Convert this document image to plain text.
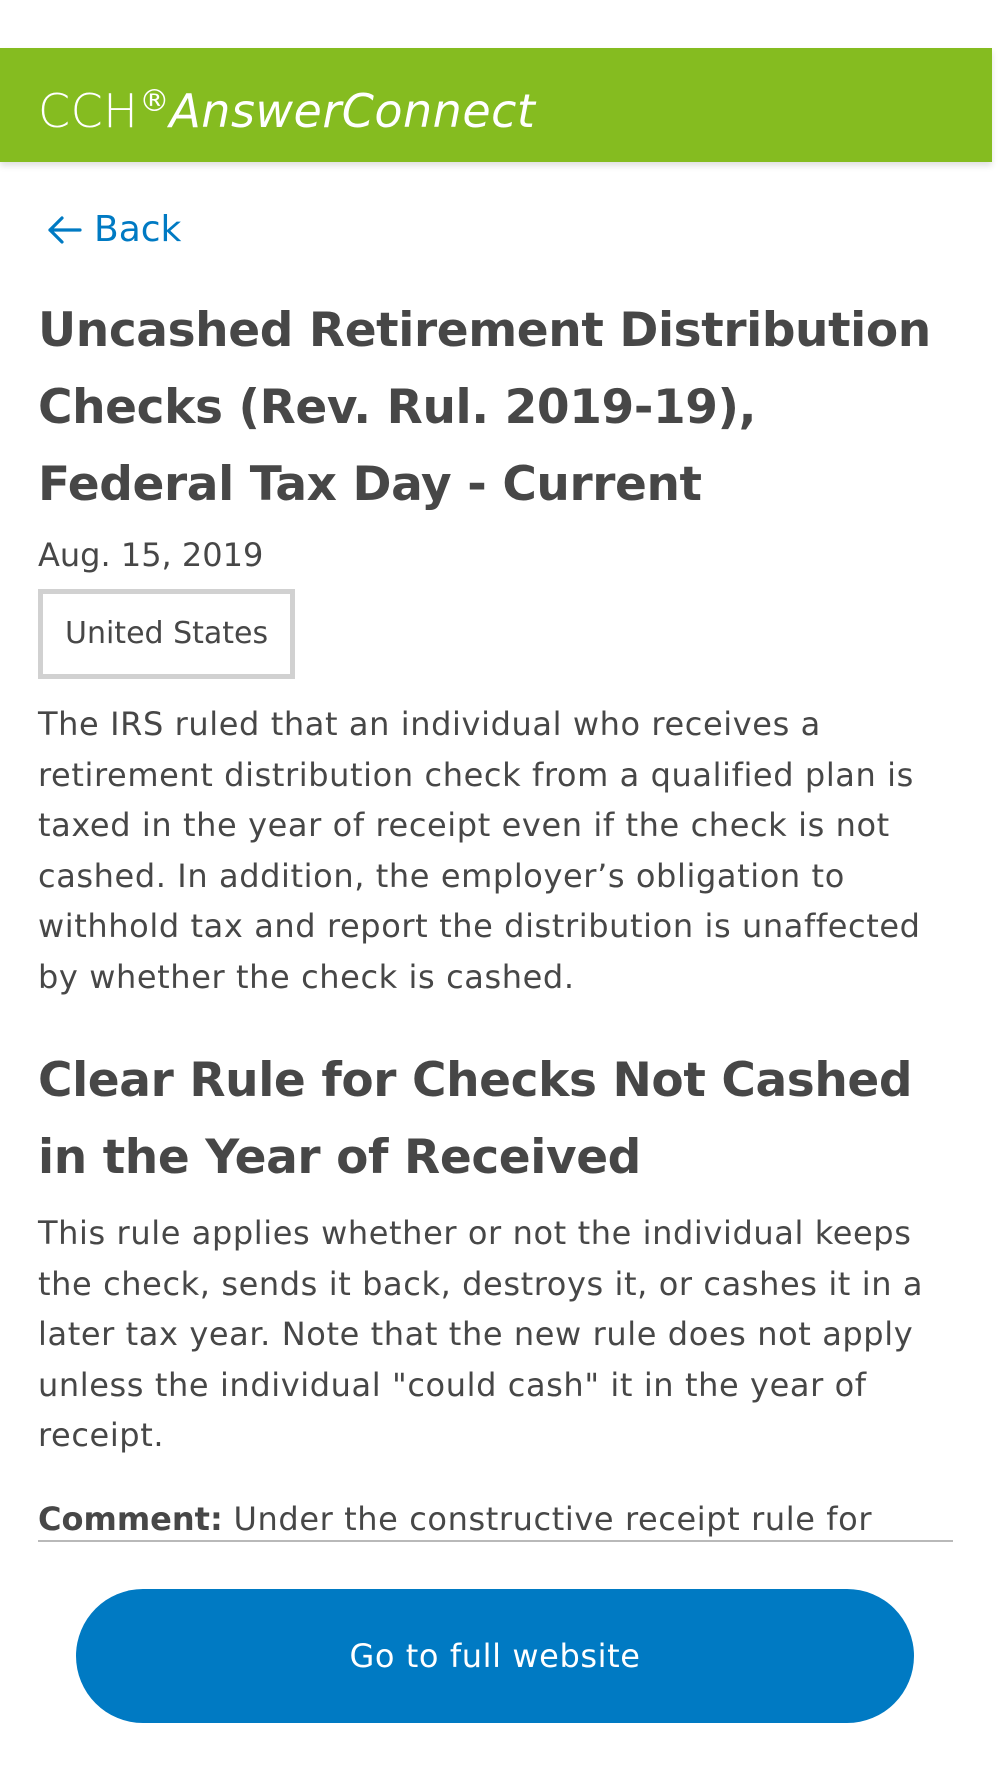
CCH®AnswerConnect
Back
Uncashed Retirement Distribution Checks (Rev. Rul. 2019-19), Federal Tax Day - Current
Aug. 15, 2019
United States

The IRS ruled that an individual who receives a retirement distribution check from a qualified plan is taxed in the year of receipt even if the check is not cashed. In addition, the employer’s obligation to withhold tax and report the distribution is unaffected by whether the check is cashed.

Clear Rule for Checks Not Cashed in the Year of Received

This rule applies whether or not the individual keeps the check, sends it back, destroys it, or cashes it in a later tax year. Note that the new rule does not apply unless the individual "could cash" it in the year of receipt.

Comment: Under the constructive receipt rule for
Go to full website
